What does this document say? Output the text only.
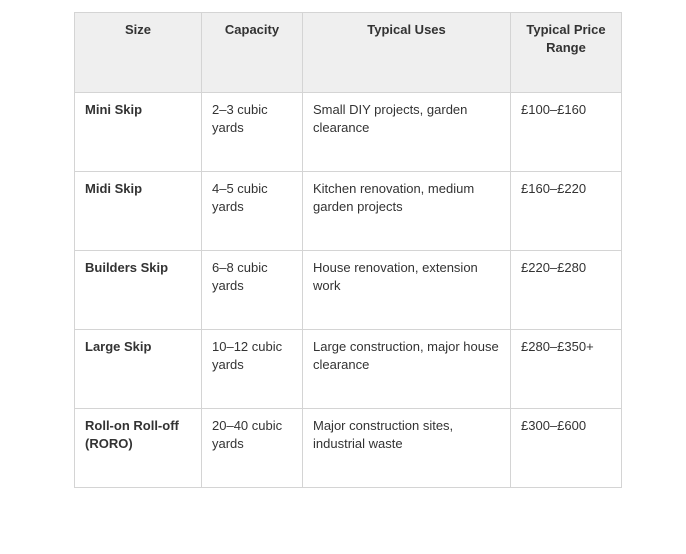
Size	Capacity	Typical Uses	Typical Price Range
Mini Skip	2–3 cubic yards	Small DIY projects, garden clearance	£100–£160
Midi Skip	4–5 cubic yards	Kitchen renovation, medium garden projects	£160–£220
Builders Skip	6–8 cubic yards	House renovation, extension work	£220–£280
Large Skip	10–12 cubic yards	Large construction, major house clearance	£280–£350+
Roll-on Roll-off (RORO)	20–40 cubic yards	Major construction sites, industrial waste	£300–£600
